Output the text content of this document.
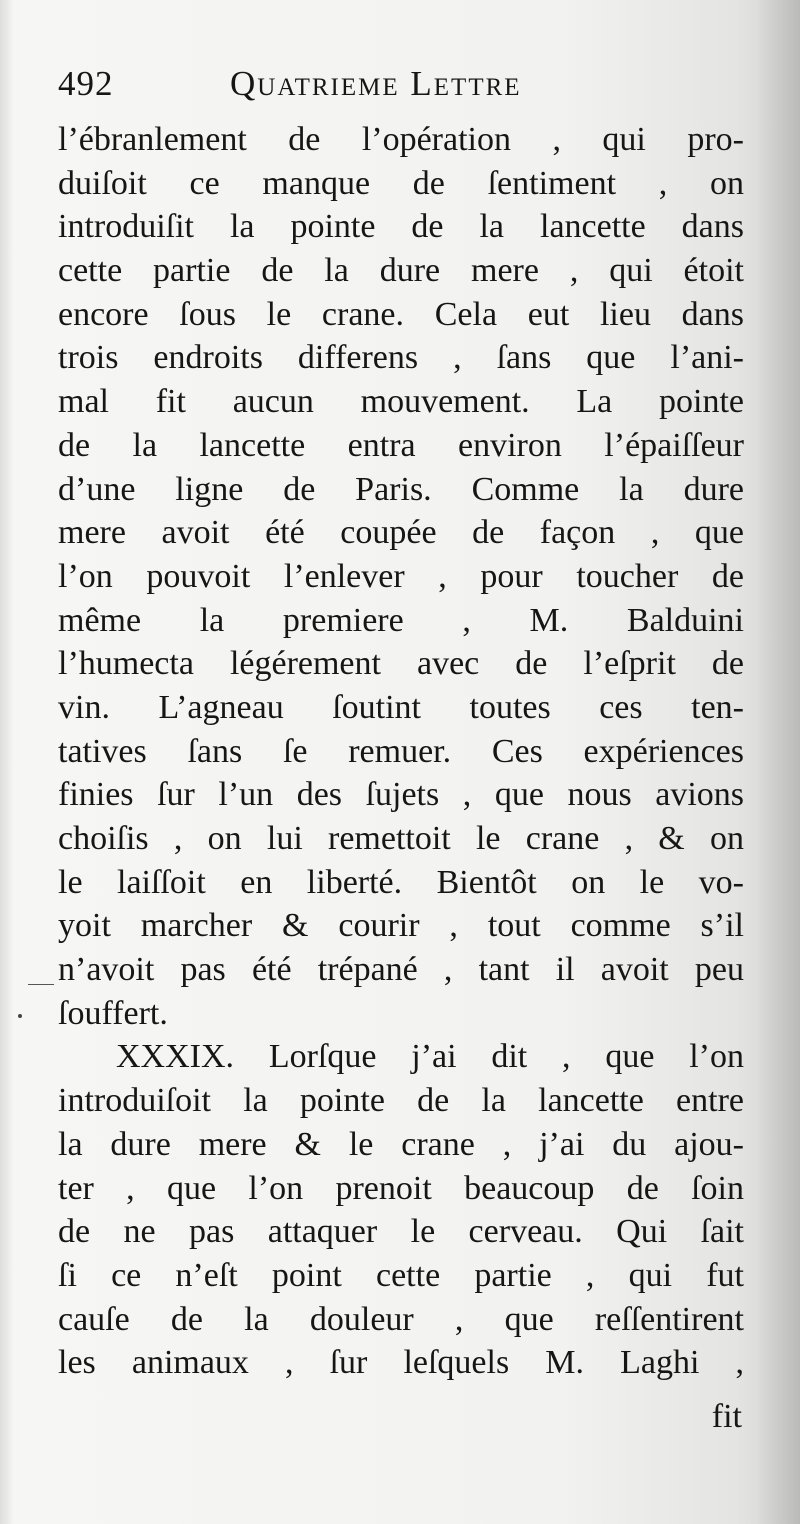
492	Quatrieme Lettre
l’ébranlement de l’opération , qui pro-
duiſoit ce manque de ſentiment , on
introduiſit la pointe de la lancette dans
cette partie de la dure mere , qui étoit
encore ſous le crane. Cela eut lieu dans
trois endroits differens , ſans que l’ani-
mal fit aucun mouvement. La pointe
de la lancette entra environ l’épaiſſeur
d’une ligne de Paris. Comme la dure
mere avoit été coupée de façon , que
l’on pouvoit l’enlever , pour toucher de
même la premiere , M. Balduini
l’humecta légérement avec de l’eſprit de
vin. L’agneau ſoutint toutes ces ten-
tatives ſans ſe remuer. Ces expériences
finies ſur l’un des ſujets , que nous avions
choiſis , on lui remettoit le crane , & on
le laiſſoit en liberté. Bientôt on le vo-
yoit marcher & courir , tout comme s’il
n’avoit pas été trépané , tant il avoit peu
ſouffert.
XXXIX. Lorſque j’ai dit , que l’on
introduiſoit la pointe de la lancette entre
la dure mere & le crane , j’ai du ajou-
ter , que l’on prenoit beaucoup de ſoin
de ne pas attaquer le cerveau. Qui ſait
ſi ce n’eſt point cette partie , qui fut
cauſe de la douleur , que reſſentirent
les animaux , ſur leſquels M. Laghi ,
fit
